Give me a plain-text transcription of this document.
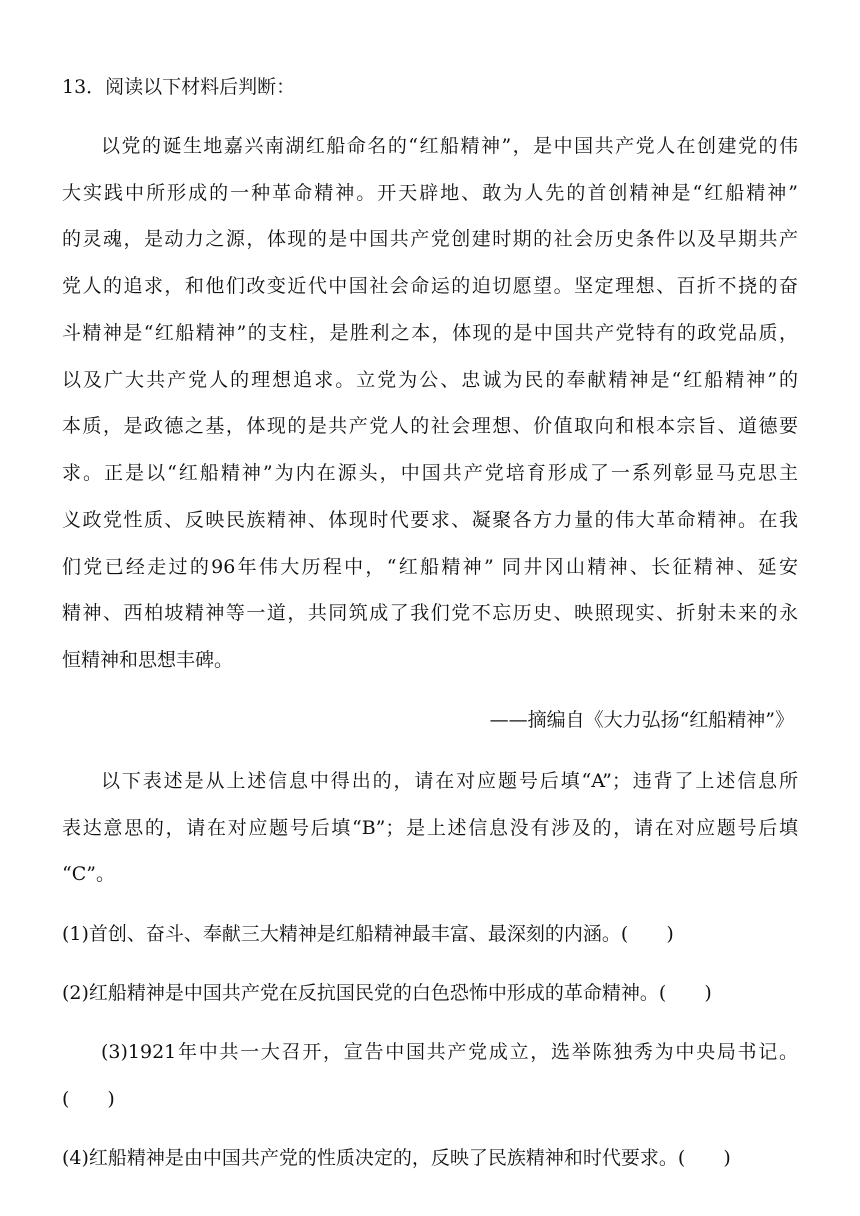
13．阅读以下材料后判断：

以党的诞生地嘉兴南湖红船命名的“红船精神”，是中国共产党人在创建党的伟

大实践中所形成的一种革命精神。开天辟地、敢为人先的首创精神是“红船精神”

的灵魂，是动力之源，体现的是中国共产党创建时期的社会历史条件以及早期共产

党人的追求，和他们改变近代中国社会命运的迫切愿望。坚定理想、百折不挠的奋

斗精神是“红船精神”的支柱，是胜利之本，体现的是中国共产党特有的政党品质，

以及广大共产党人的理想追求。立党为公、忠诚为民的奉献精神是“红船精神”的

本质，是政德之基，体现的是共产党人的社会理想、价值取向和根本宗旨、道德要

求。正是以“红船精神”为内在源头，中国共产党培育形成了一系列彰显马克思主

义政党性质、反映民族精神、体现时代要求、凝聚各方力量的伟大革命精神。在我

们党已经走过的96年伟大历程中，“红船精神” 同井冈山精神、长征精神、延安

精神、西柏坡精神等一道，共同筑成了我们党不忘历史、映照现实、折射未来的永

恒精神和思想丰碑。

——摘编自《大力弘扬“红船精神”》

以下表述是从上述信息中得出的，请在对应题号后填“A”；违背了上述信息所

表达意思的，请在对应题号后填“B”；是上述信息没有涉及的，请在对应题号后填

“C”。

(1)首创、奋斗、奉献三大精神是红船精神最丰富、最深刻的内涵。(　　)

(2)红船精神是中国共产党在反抗国民党的白色恐怖中形成的革命精神。(　　)

(3)1921年中共一大召开，宣告中国共产党成立，选举陈独秀为中央局书记。

(　　)

(4)红船精神是由中国共产党的性质决定的，反映了民族精神和时代要求。(　　)
